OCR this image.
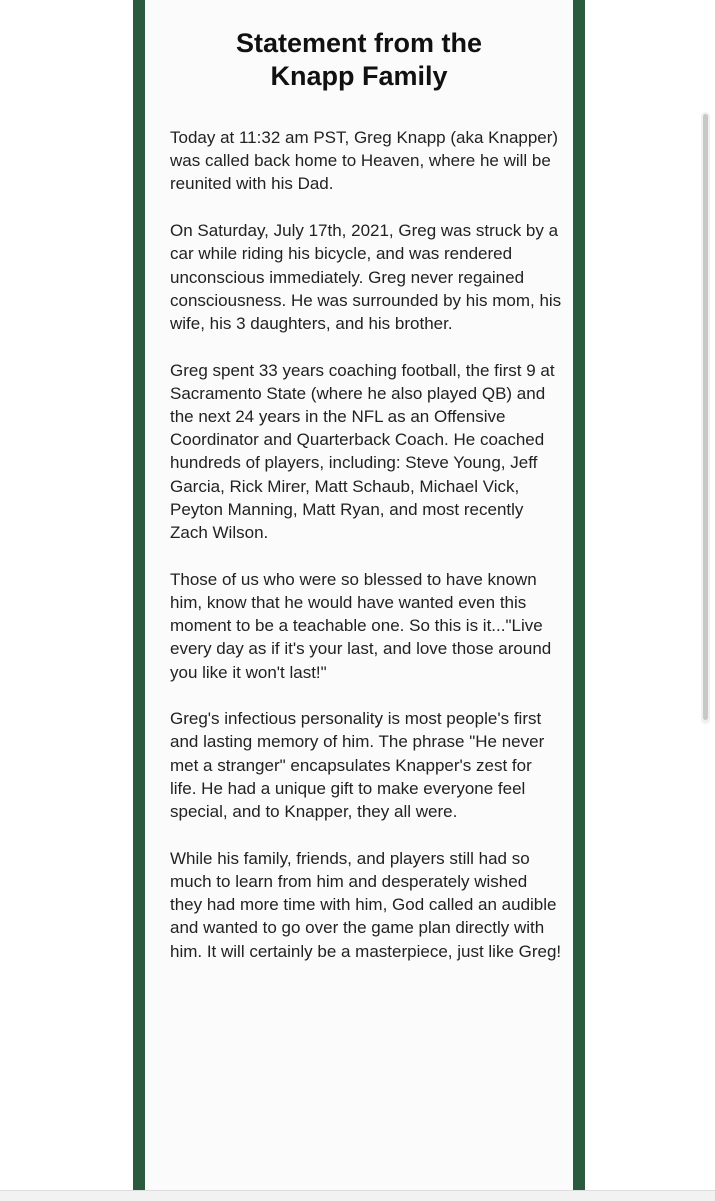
Statement from the
Knapp Family

Today at 11:32 am PST, Greg Knapp (aka Knapper) was called back home to Heaven, where he will be reunited with his Dad.

On Saturday, July 17th, 2021, Greg was struck by a car while riding his bicycle, and was rendered unconscious immediately. Greg never regained consciousness. He was surrounded by his mom, his wife, his 3 daughters, and his brother.

Greg spent 33 years coaching football, the first 9 at Sacramento State (where he also played QB) and the next 24 years in the NFL as an Offensive Coordinator and Quarterback Coach. He coached hundreds of players, including: Steve Young, Jeff Garcia, Rick Mirer, Matt Schaub, Michael Vick, Peyton Manning, Matt Ryan, and most recently Zach Wilson.

Those of us who were so blessed to have known him, know that he would have wanted even this moment to be a teachable one. So this is it..."Live every day as if it's your last, and love those around you like it won't last!"

Greg's infectious personality is most people's first and lasting memory of him. The phrase "He never met a stranger" encapsulates Knapper's zest for life. He had a unique gift to make everyone feel special, and to Knapper, they all were.

While his family, friends, and players still had so much to learn from him and desperately wished they had more time with him, God called an audible and wanted to go over the game plan directly with him. It will certainly be a masterpiece, just like Greg!
